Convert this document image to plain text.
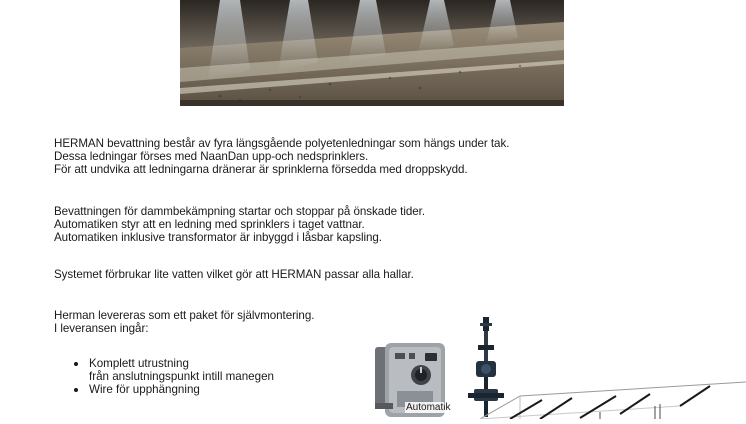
HERMAN bevattning består av fyra längsgående polyetenledningar som hängs under tak.

Dessa ledningar förses med NaanDan upp-och nedsprinklers.

För att undvika att ledningarna dränerar är sprinklerna försedda med droppskydd.

Bevattningen för dammbekämpning startar och stoppar på önskade tider.

Automatiken styr att en ledning med sprinklers i taget vattnar.

Automatiken inklusive transformator är inbyggd i låsbar kapsling.

Systemet förbrukar lite vatten vilket gör att HERMAN passar alla hallar.

Herman levereras som ett paket för självmontering.

I leveransen ingår:

Komplett utrustning
från anslutningspunkt intill manegen
Wire för upphängning
Automatik
